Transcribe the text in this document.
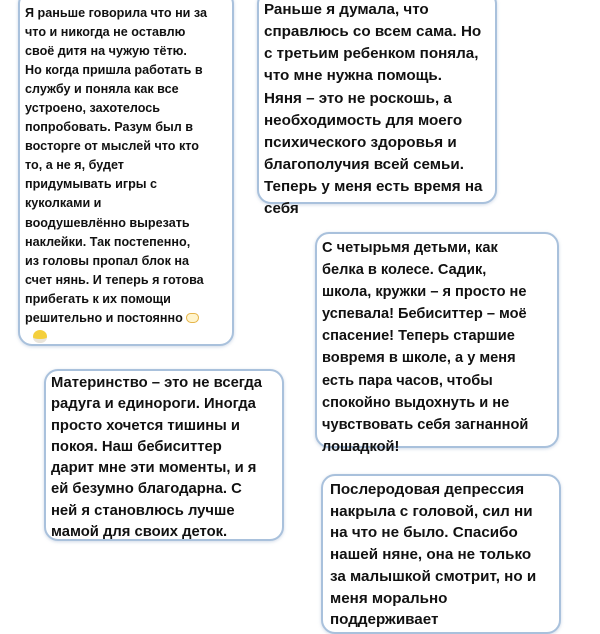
Я раньше говорила что ни за
что и никогда не оставлю
своё дитя на чужую тётю.
Но когда пришла работать в
службу и поняла как все
устроено, захотелось
попробовать. Разум был в
восторге от мыслей что кто
то, а не я, будет
придумывать игры с
куколками и
воодушевлённо вырезать
наклейки. Так постепенно,
из головы пропал блок на
счет нянь. И теперь я готова
прибегать к их помощи
решительно и постоянно
Раньше я думала, что
справлюсь со всем сама. Но
с третьим ребенком поняла,
что мне нужна помощь.
Няня – это не роскошь, а
необходимость для моего
психического здоровья и
благополучия всей семьи.
Теперь у меня есть время на
себя
С четырьмя детьми, как
белка в колесе. Садик,
школа, кружки – я просто не
успевала! Бебиситтер – моё
спасение! Теперь старшие
вовремя в школе, а у меня
есть пара часов, чтобы
спокойно выдохнуть и не
чувствовать себя загнанной
лошадкой!
Материнство – это не всегда
радуга и единороги. Иногда
просто хочется тишины и
покоя. Наш бебиситтер
дарит мне эти моменты, и я
ей безумно благодарна. С
ней я становлюсь лучше
мамой для своих деток.
Послеродовая депрессия
накрыла с головой, сил ни
на что не было. Спасибо
нашей няне, она не только
за малышкой смотрит, но и
меня морально
поддерживает
